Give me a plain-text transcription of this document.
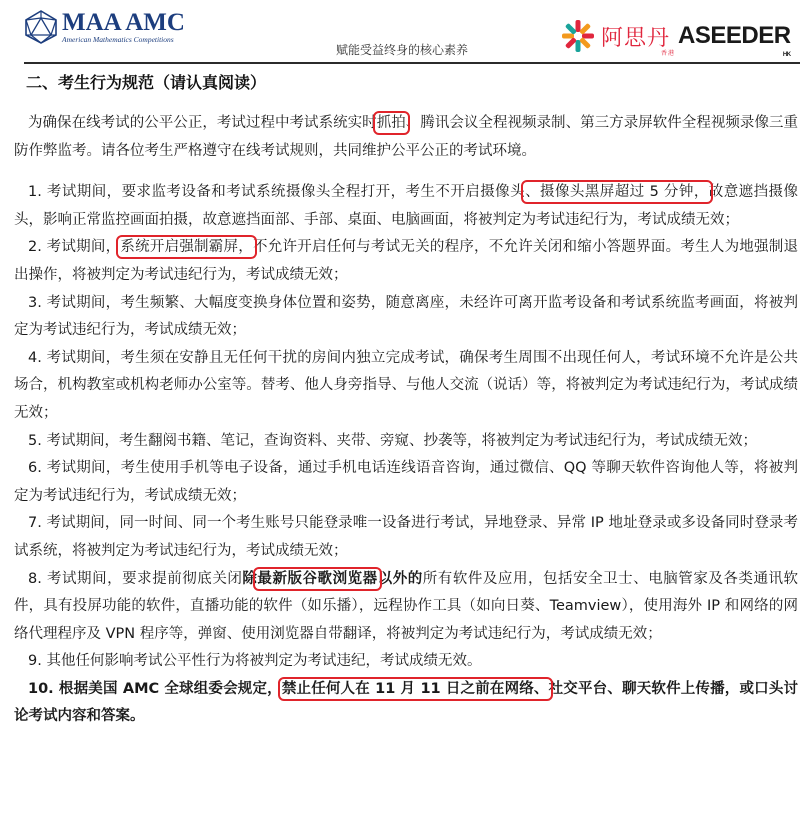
MAA AMC
American Mathematics Competitions
赋能受益终身的核心素养	阿思丹
香港
ASEEDER
HK
二、考生行为规范（请认真阅读）

为确保在线考试的公平公正，考试过程中考试系统实时抓拍、腾讯会议全程视频录制、第三方录屏软件全程视频录像三重防作弊监考。请各位考生严格遵守在线考试规则，共同维护公平公正的考试环境。

1. 考试期间，要求监考设备和考试系统摄像头全程打开，考生不开启摄像头、摄像头黑屏超过 5 分钟，故意遮挡摄像头，影响正常监控画面拍摄，故意遮挡面部、手部、桌面、电脑画面，将被判定为考试违纪行为，考试成绩无效；

2. 考试期间，系统开启强制霸屏，不允许开启任何与考试无关的程序，不允许关闭和缩小答题界面。考生人为地强制退出操作，将被判定为考试违纪行为，考试成绩无效；

3. 考试期间，考生频繁、大幅度变换身体位置和姿势，随意离座，未经许可离开监考设备和考试系统监考画面，将被判定为考试违纪行为，考试成绩无效；

4. 考试期间，考生须在安静且无任何干扰的房间内独立完成考试，确保考生周围不出现任何人，考试环境不允许是公共场合，机构教室或机构老师办公室等。替考、他人身旁指导、与他人交流（说话）等，将被判定为考试违纪行为，考试成绩无效；

5. 考试期间，考生翻阅书籍、笔记，查询资料、夹带、旁窥、抄袭等，将被判定为考试违纪行为，考试成绩无效；

6. 考试期间，考生使用手机等电子设备，通过手机电话连线语音咨询，通过微信、QQ 等聊天软件咨询他人等，将被判定为考试违纪行为，考试成绩无效；

7. 考试期间，同一时间、同一个考生账号只能登录唯一设备进行考试，异地登录、异常 IP 地址登录或多设备同时登录考试系统，将被判定为考试违纪行为，考试成绩无效；

8. 考试期间，要求提前彻底关闭除最新版谷歌浏览器以外的所有软件及应用，包括安全卫士、电脑管家及各类通讯软件，具有投屏功能的软件，直播功能的软件（如乐播），远程协作工具（如向日葵、Teamview），使用海外 IP 和网络的网络代理程序及 VPN 程序等，弹窗、使用浏览器自带翻译，将被判定为考试违纪行为，考试成绩无效；

9. 其他任何影响考试公平性行为将被判定为考试违纪，考试成绩无效。

10. 根据美国 AMC 全球组委会规定，禁止任何人在 11 月 11 日之前在网络、社交平台、聊天软件上传播，或口头讨论考试内容和答案。
